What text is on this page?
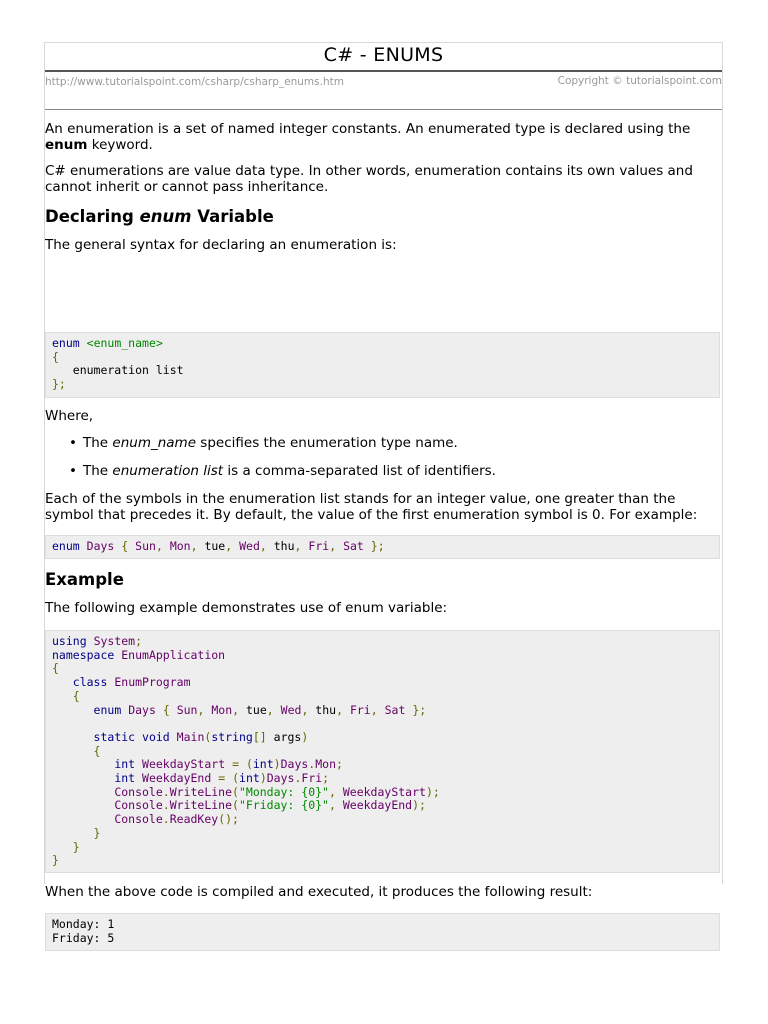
C# - ENUMS
http://www.tutorialspoint.com/csharp/csharp_enums.htm	Copyright © tutorialspoint.com

An enumeration is a set of named integer constants. An enumerated type is declared using the enum keyword.

C# enumerations are value data type. In other words, enumeration contains its own values and cannot inherit or cannot pass inheritance.

Declaring enum Variable

The general syntax for declaring an enumeration is:

enum <enum_name>
{
enumeration list
};

Where,

• The enum_name specifies the enumeration type name.
• The enumeration list is a comma-separated list of identifiers.

Each of the symbols in the enumeration list stands for an integer value, one greater than the symbol that precedes it. By default, the value of the first enumeration symbol is 0. For example:

enum Days { Sun, Mon, tue, Wed, thu, Fri, Sat };
Example

The following example demonstrates use of enum variable:

using System;
namespace EnumApplication
{
class EnumProgram
{
enum Days { Sun, Mon, tue, Wed, thu, Fri, Sat };
static void Main(string[] args)
{
int WeekdayStart = (int)Days.Mon;
int WeekdayEnd = (int)Days.Fri;
Console.WriteLine("Monday: {0}", WeekdayStart);
Console.WriteLine("Friday: {0}", WeekdayEnd);
Console.ReadKey();
}
}
}

When the above code is compiled and executed, it produces the following result:

Monday: 1
Friday: 5
